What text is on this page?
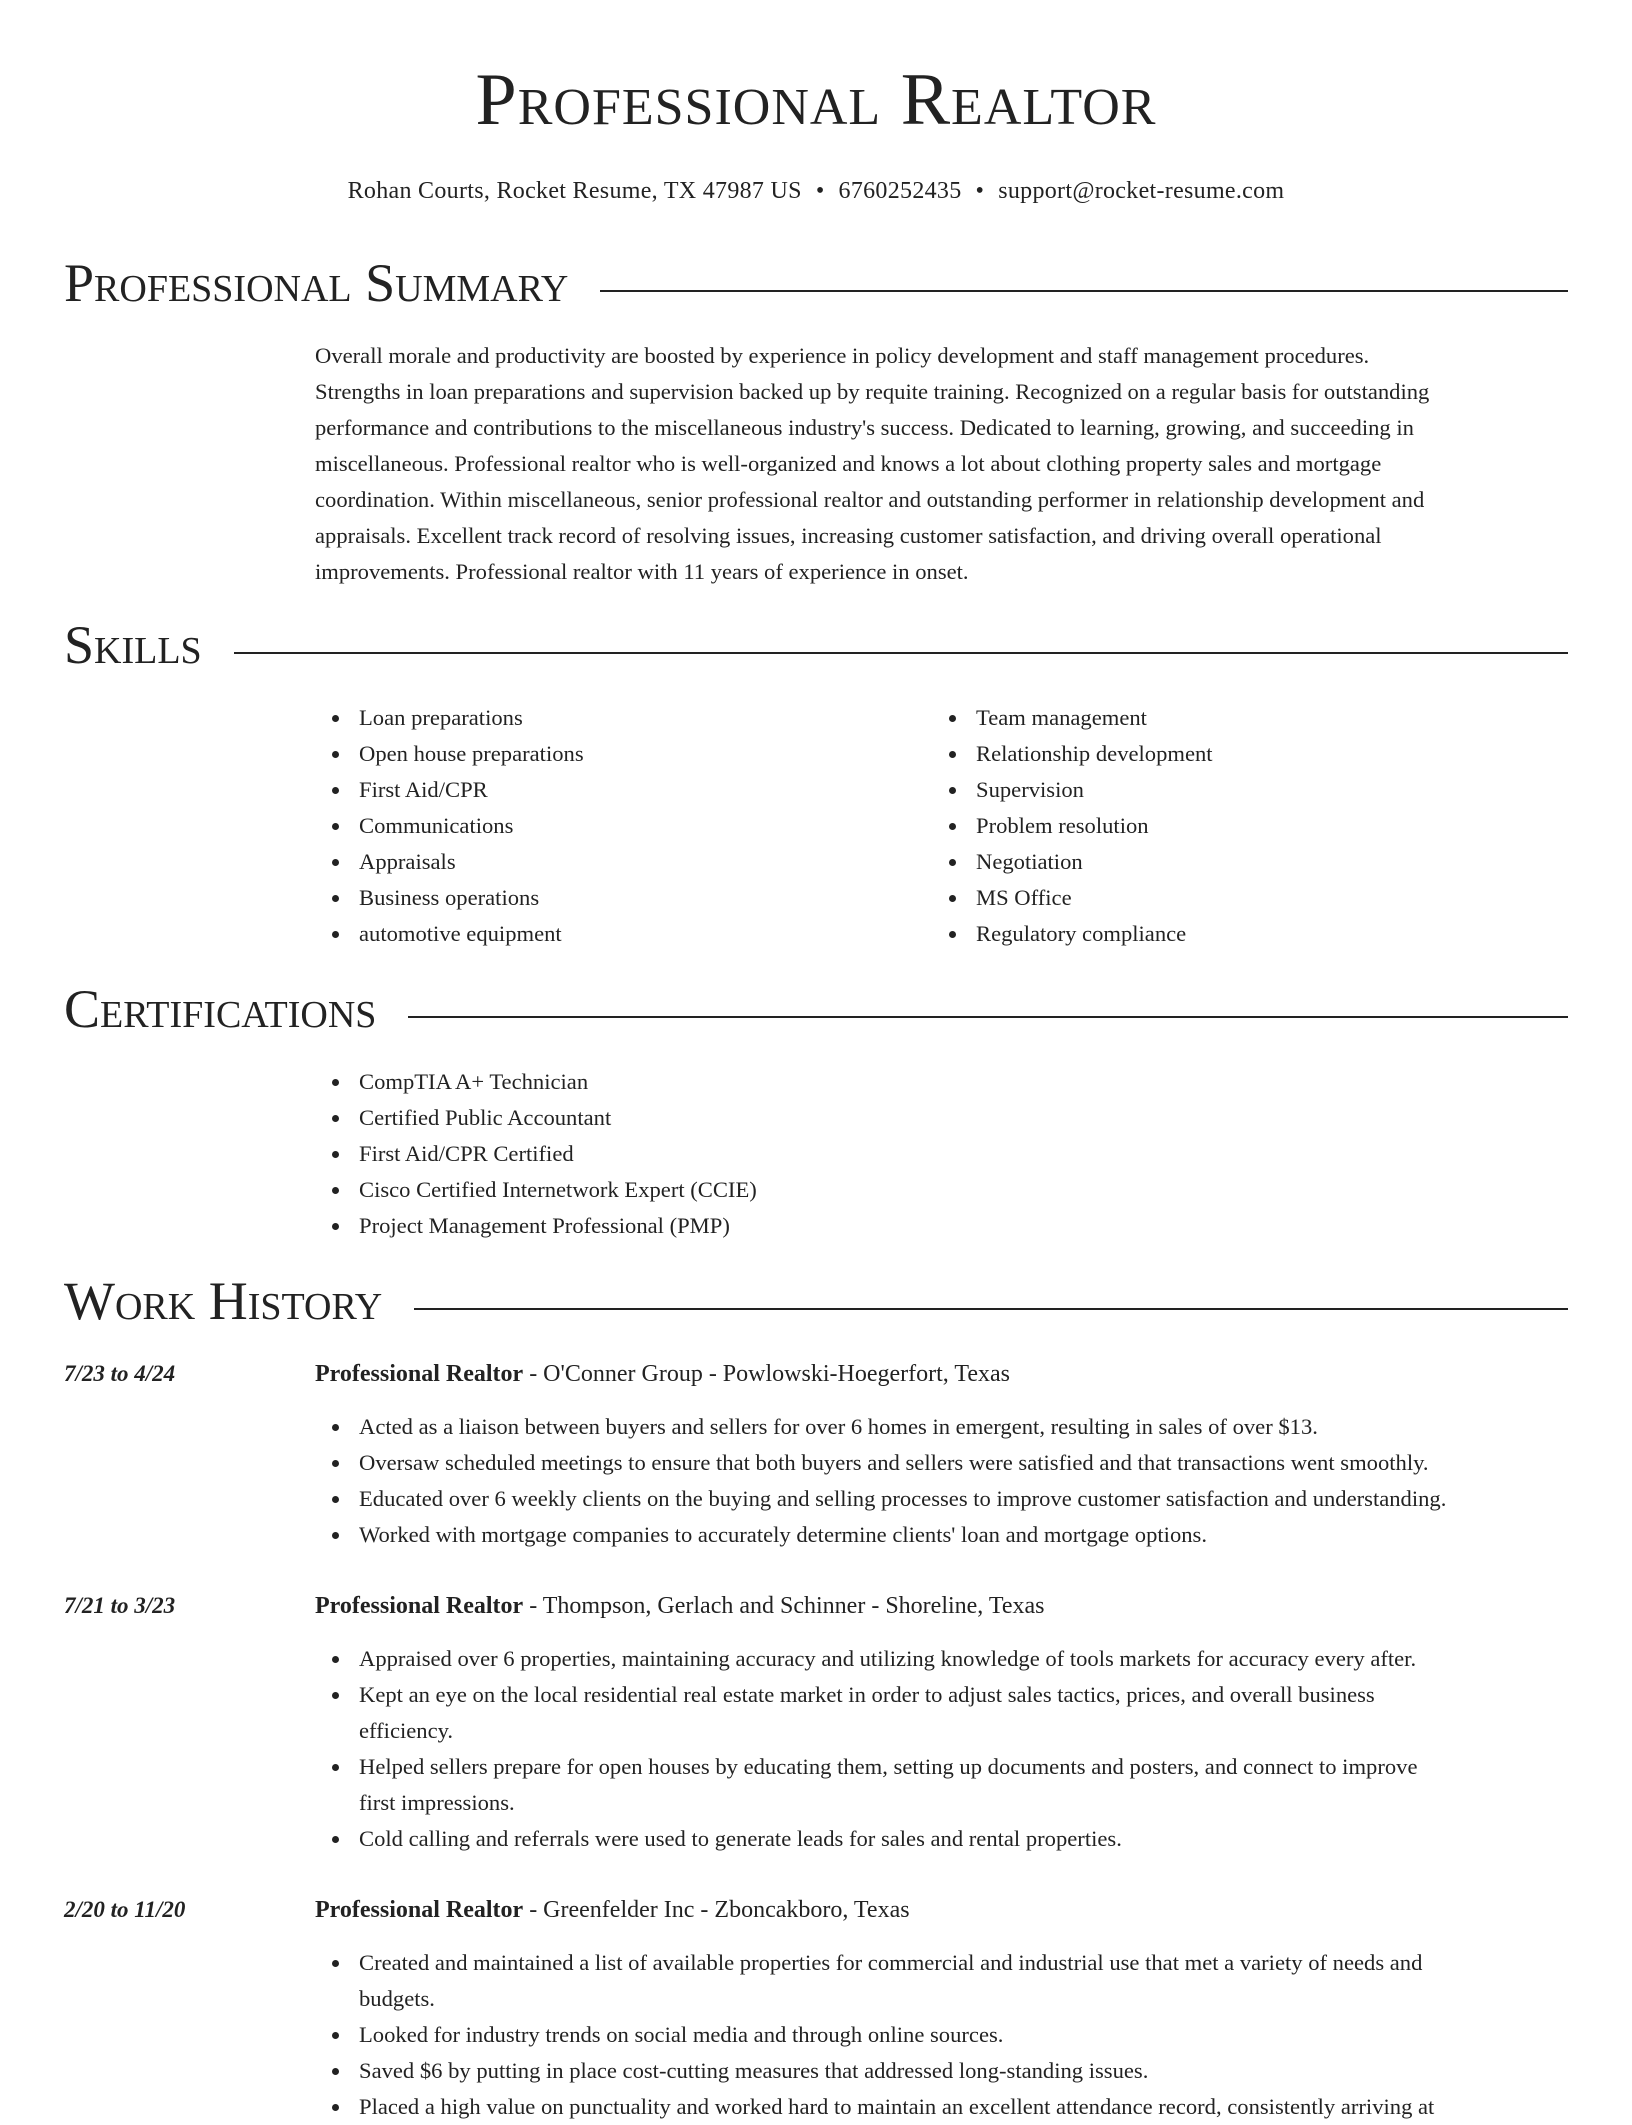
Professional Realtor
Rohan Courts, Rocket Resume, TX 47987 US • 6760252435 • support@rocket-resume.com
Professional Summary
Overall morale and productivity are boosted by experience in policy development and staff management procedures.
Strengths in loan preparations and supervision backed up by requite training. Recognized on a regular basis for outstanding
performance and contributions to the miscellaneous industry's success. Dedicated to learning, growing, and succeeding in
miscellaneous. Professional realtor who is well-organized and knows a lot about clothing property sales and mortgage
coordination. Within miscellaneous, senior professional realtor and outstanding performer in relationship development and
appraisals. Excellent track record of resolving issues, increasing customer satisfaction, and driving overall operational
improvements. Professional realtor with 11 years of experience in onset.
Skills
Loan preparations
Open house preparations
First Aid/CPR
Communications
Appraisals
Business operations
automotive equipment
Team management
Relationship development
Supervision
Problem resolution
Negotiation
MS Office
Regulatory compliance
Certifications
CompTIA A+ Technician
Certified Public Accountant
First Aid/CPR Certified
Cisco Certified Internetwork Expert (CCIE)
Project Management Professional (PMP)
Work History
7/23 to 4/24	Professional Realtor - O'Conner Group - Powlowski-Hoegerfort, Texas
Acted as a liaison between buyers and sellers for over 6 homes in emergent, resulting in sales of over $13.
Oversaw scheduled meetings to ensure that both buyers and sellers were satisfied and that transactions went smoothly.
Educated over 6 weekly clients on the buying and selling processes to improve customer satisfaction and understanding.
Worked with mortgage companies to accurately determine clients' loan and mortgage options.
7/21 to 3/23	Professional Realtor - Thompson, Gerlach and Schinner - Shoreline, Texas
Appraised over 6 properties, maintaining accuracy and utilizing knowledge of tools markets for accuracy every after.
Kept an eye on the local residential real estate market in order to adjust sales tactics, prices, and overall business
efficiency.
Helped sellers prepare for open houses by educating them, setting up documents and posters, and connect to improve
first impressions.
Cold calling and referrals were used to generate leads for sales and rental properties.
2/20 to 11/20	Professional Realtor - Greenfelder Inc - Zboncakboro, Texas
Created and maintained a list of available properties for commercial and industrial use that met a variety of needs and
budgets.
Looked for industry trends on social media and through online sources.
Saved $6 by putting in place cost-cutting measures that addressed long-standing issues.
Placed a high value on punctuality and worked hard to maintain an excellent attendance record, consistently arriving at
